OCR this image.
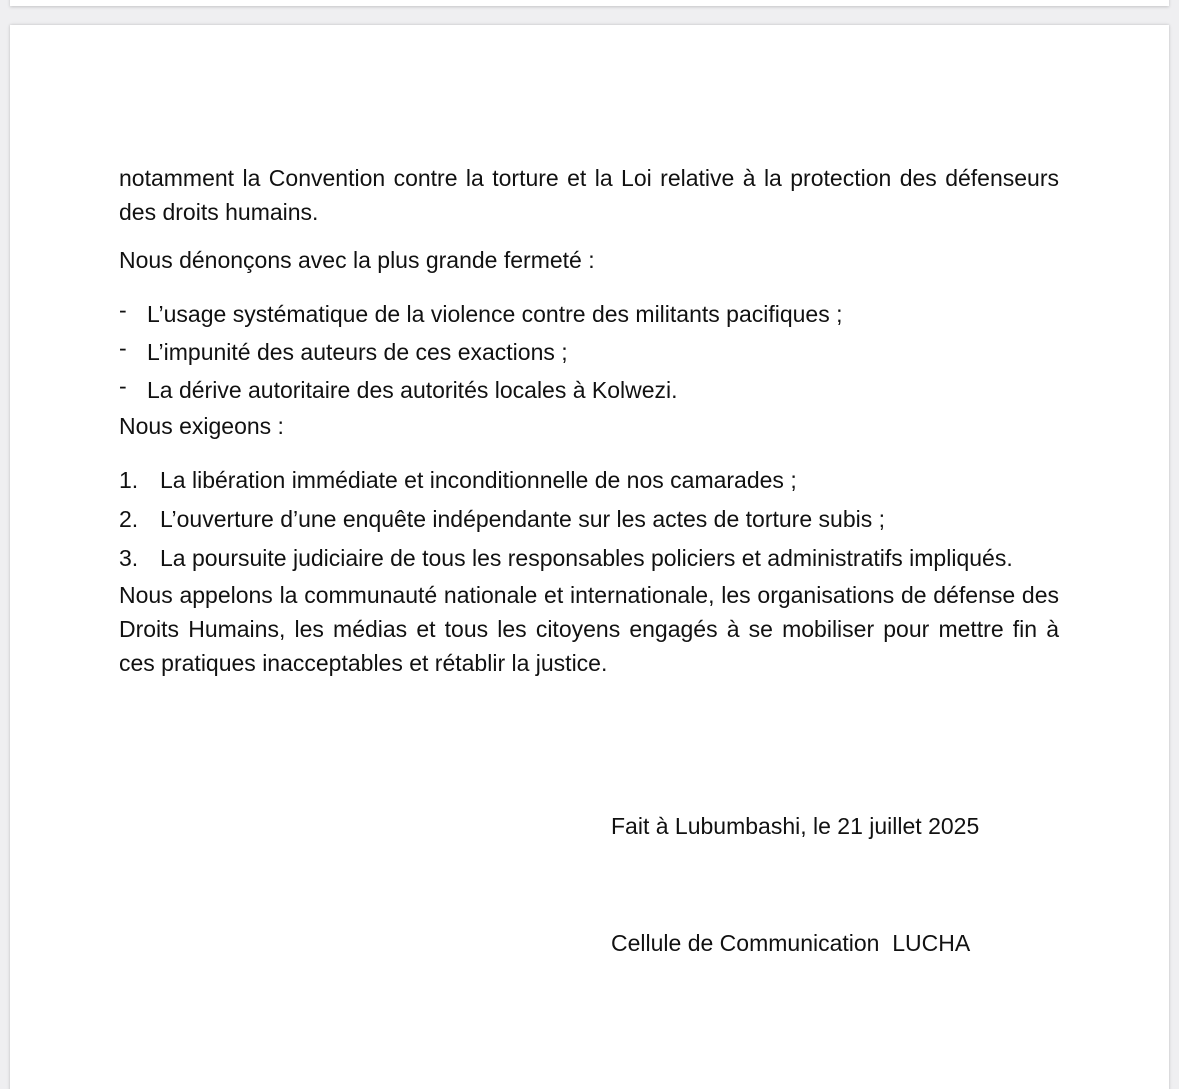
notamment la Convention contre la torture et la Loi relative à la protection des défenseurs des droits humains.

Nous dénonçons avec la plus grande fermeté :

- L’usage systématique de la violence contre des militants pacifiques ;
- L’impunité des auteurs de ces exactions ;
- La dérive autoritaire des autorités locales à Kolwezi.

Nous exigeons :

1. La libération immédiate et inconditionnelle de nos camarades ;
2. L’ouverture d’une enquête indépendante sur les actes de torture subis ;
3. La poursuite judiciaire de tous les responsables policiers et administratifs impliqués.

Nous appelons la communauté nationale et internationale, les organisations de défense des Droits Humains, les médias et tous les citoyens engagés à se mobiliser pour mettre fin à ces pratiques inacceptables et rétablir la justice.

Fait à Lubumbashi, le 21 juillet 2025

Cellule de Communication  LUCHA
